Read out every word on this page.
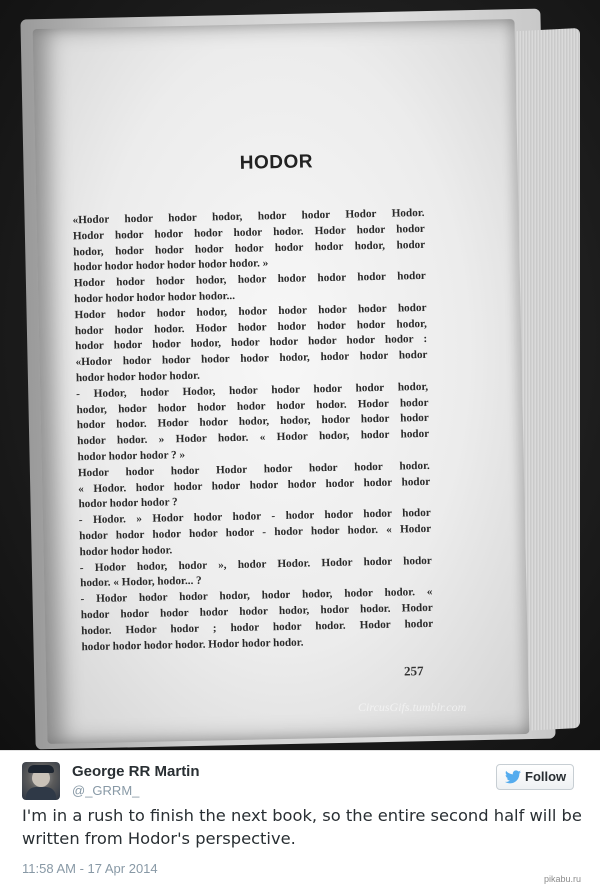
HODOR
«Hodor hodor hodor hodor, hodor hodor Hodor Hodor.
Hodor hodor hodor hodor hodor hodor. Hodor hodor hodor
hodor, hodor hodor hodor hodor hodor hodor hodor, hodor
hodor hodor hodor hodor hodor hodor. »
Hodor hodor hodor hodor, hodor hodor hodor hodor hodor
hodor hodor hodor hodor hodor...
Hodor hodor hodor hodor, hodor hodor hodor hodor hodor
hodor hodor hodor. Hodor hodor hodor hodor hodor hodor,
hodor hodor hodor hodor, hodor hodor hodor hodor hodor :
«Hodor hodor hodor hodor hodor hodor, hodor hodor hodor
hodor hodor hodor hodor.
- Hodor, hodor Hodor, hodor hodor hodor hodor hodor,
hodor, hodor hodor hodor hodor hodor hodor. Hodor hodor
hodor hodor. Hodor hodor hodor, hodor, hodor hodor hodor
hodor hodor. » Hodor hodor. « Hodor hodor, hodor hodor
hodor hodor hodor ? »
Hodor hodor hodor Hodor hodor hodor hodor hodor.
« Hodor. hodor hodor hodor hodor hodor hodor hodor hodor
hodor hodor hodor ?
- Hodor. » Hodor hodor hodor - hodor hodor hodor hodor
hodor hodor hodor hodor hodor - hodor hodor hodor. « Hodor
hodor hodor hodor.
- Hodor hodor, hodor », hodor Hodor. Hodor hodor hodor
hodor. « Hodor, hodor... ?
- Hodor hodor hodor hodor, hodor hodor, hodor hodor. «
hodor hodor hodor hodor hodor hodor, hodor hodor. Hodor
hodor. Hodor hodor ; hodor hodor hodor. Hodor hodor
hodor hodor hodor hodor. Hodor hodor hodor.
257
CircusGifs.tumblr.com
George RR Martin
@_GRRM_
Follow
I'm in a rush to finish the next book, so the entire second half will be written from Hodor's perspective.
11:58 AM - 17 Apr 2014
pikabu.ru
